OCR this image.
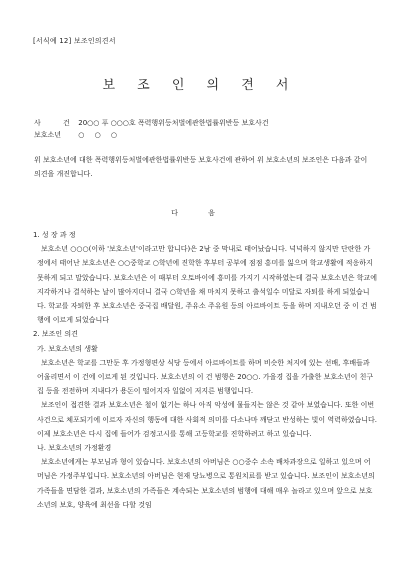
[서식예 12] 보조인의견서
보 조 인 의 견 서
사 건 20○○ 푸 ○○○호 폭력행위등처벌에관한법률위반등 보호사건
보호소년 ○ ○ ○
위 보호소년에 대한 폭력행위등처벌에관한법률위반등 보호사건에 관하여 위 보호소년의 보조인은 다음과 같이 의견을 개진합니다.
다 음

1. 성 장 과 정

보호소년 ○○○(이하 '보호소년'이라고만 합니다)은 2남 중 막내로 태어났습니다. 넉넉하지 않지만 단란한 가정에서 태어난 보호소년은 ○○중학교 ○학년에 진학한 후부터 공부에 점점 흥미를 잃으며 학교생활에 적응하지 못하게 되고 말았습니다. 보호소년은 이 때부터 오토바이에 흥미를 가지기 시작하였는데 결국 보호소년은 학교에 지각하거나 결석하는 날이 많아지더니 결국 ○학년을 채 마치지 못하고 출석일수 미달로 자퇴를 하게 되었습니다. 학교를 자퇴한 후 보호소년은 중국집 배달원, 주유소 주유원 등의 아르바이트 등을 하며 지내오던 중 이 건 범행에 이르게 되었습니다

2. 보조인 의견

가. 보호소년의 생활

보호소년은 학교를 그만둔 후 가정형편상 식당 등에서 아르바이트를 하며 비슷한 처지에 있는 선배, 후배들과 어울리면서 이 건에 이르게 된 것입니다. 보호소년의 이 건 범행은 20○○. 가을경 집을 가출한 보호소년이 친구 집 등을 전전하며 지내다가 용돈이 떨어지자 일없이 저지른 범행입니다.

보조인이 접견한 결과 보호소년은 철이 없기는 하나 아직 악성에 물들지는 않은 것 같아 보였습니다. 또한 이번 사건으로 체포되기에 이르자 자신의 행동에 대한 사회적 의미를 다소나마 깨닫고 반성하는 빛이 역력하였습니다. 이제 보호소년은 다시 집에 들어가 검정고시를 통해 고등학교를 진학하려고 하고 있습니다.

나. 보호소년의 가정환경

보호소년에게는 부모님과 형이 있습니다. 보호소년의 아버님은 ○○중수 소속 배차과장으로 일하고 있으며 어머님은 가정주부입니다. 보호소년의 아버님은 현재 당뇨병으로 통원치료를 받고 있습니다. 보조인이 보호소년의 가족들을 면담한 결과, 보호소년의 가족들은 계속되는 보호소년의 범행에 대해 매우 놀라고 있으며 앞으로 보호소년의 보호, 양육에 최선을 다할 것임
